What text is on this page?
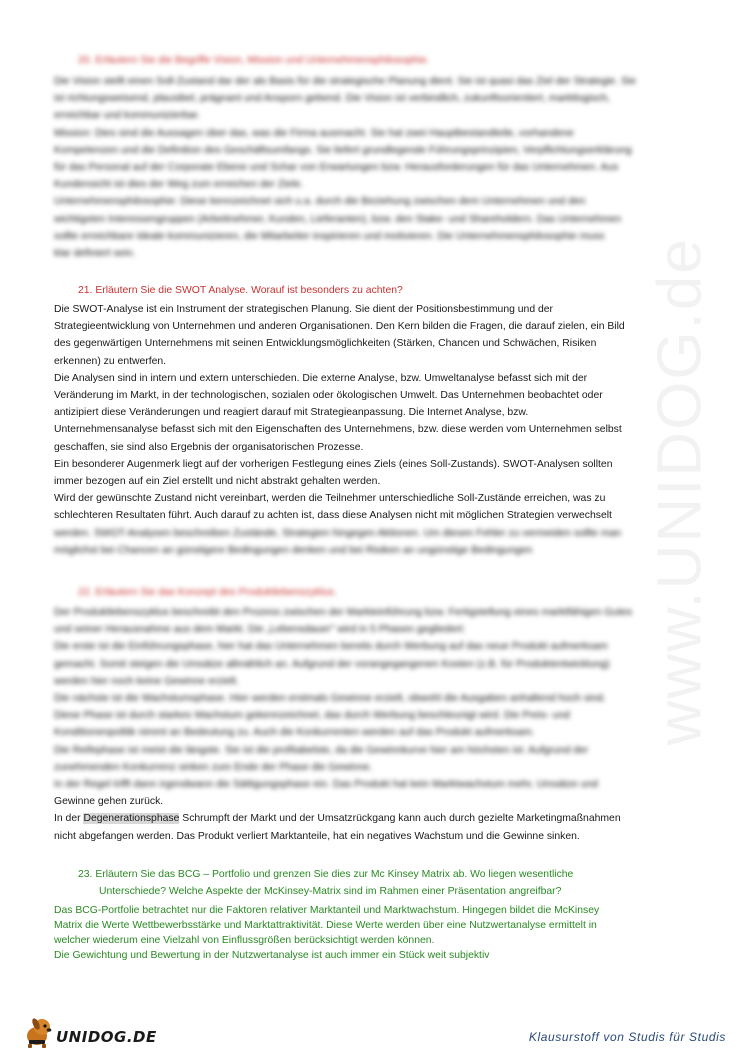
www.UNIDOG.de

20. Erläutern Sie die Begriffe Vision, Mission und Unternehmensphilosophie.

Die Vision stellt einen Soll-Zustand dar der als Basis für die strategische Planung dient. Sie ist quasi das Ziel der Strategie. Sie

ist richtungsweisend, plausibel, prägnant und Ansporn gebend. Die Vision ist verbindlich, zukunftsorientiert, marktlogisch,

erreichbar und kommunizierbar.

Mission: Dies sind die Aussagen über das, was die Firma ausmacht. Sie hat zwei Hauptbestandteile, vorhandene

Kompetenzen und die Definition des Geschäftsumfangs. Sie liefert grundlegende Führungsprinzipien, Verpflichtungserklärung

für das Personal auf der Corporate Ebene und Schar von Erwartungen bzw. Herausforderungen für das Unternehmen. Aus

Kundensicht ist dies der Weg zum erreichen der Ziele.

Unternehmensphilosophie: Diese kennzeichnet sich u.a. durch die Beziehung zwischen dem Unternehmen und den

wichtigsten Interessengruppen (Arbeitnehmer, Kunden, Lieferanten), bzw. den Stake- und Shareholdern. Das Unternehmen

sollte erreichbare Ideale kommunizieren, die Mitarbeiter inspirieren und motivieren. Die Unternehmensphilosophie muss

klar definiert sein.

21. Erläutern Sie die SWOT Analyse. Worauf ist besonders zu achten?

Die SWOT-Analyse ist ein Instrument der strategischen Planung. Sie dient der Positionsbestimmung und der

Strategieentwicklung von Unternehmen und anderen Organisationen. Den Kern bilden die Fragen, die darauf zielen, ein Bild

des gegenwärtigen Unternehmens mit seinen Entwicklungsmöglichkeiten (Stärken, Chancen und Schwächen, Risiken

erkennen) zu entwerfen.

Die Analysen sind in intern und extern unterschieden. Die externe Analyse, bzw. Umweltanalyse befasst sich mit der

Veränderung im Markt, in der technologischen, sozialen oder ökologischen Umwelt. Das Unternehmen beobachtet oder

antizipiert diese Veränderungen und reagiert darauf mit Strategieanpassung. Die Internet Analyse, bzw.

Unternehmensanalyse befasst sich mit den Eigenschaften des Unternehmens, bzw. diese werden vom Unternehmen selbst

geschaffen, sie sind also Ergebnis der organisatorischen Prozesse.

Ein besonderer Augenmerk liegt auf der vorherigen Festlegung eines Ziels (eines Soll-Zustands). SWOT-Analysen sollten

immer bezogen auf ein Ziel erstellt und nicht abstrakt gehalten werden.

Wird der gewünschte Zustand nicht vereinbart, werden die Teilnehmer unterschiedliche Soll-Zustände erreichen, was zu

schlechteren Resultaten führt. Auch darauf zu achten ist, dass diese Analysen nicht mit möglichen Strategien verwechselt

werden. SWOT-Analysen beschreiben Zustände, Strategien hingegen Aktionen. Um diesen Fehler zu vermeiden sollte man

möglichst bei Chancen an günstigere Bedingungen denken und bei Risiken an ungünstige Bedingungen

22. Erläutern Sie das Konzept des Produktlebenszyklus.

Der Produktlebenszyklus beschreibt den Prozess zwischen der Markteinführung bzw. Fertigstellung eines marktfähigen Gutes

und seiner Herausnahme aus dem Markt. Die „Lebensdauer" wird in 5 Phasen gegliedert:

Die erste ist die Einführungsphase, hier hat das Unternehmen bereits durch Werbung auf das neue Produkt aufmerksam

gemacht. Somit steigen die Umsätze allmählich an. Aufgrund der vorangegangenen Kosten (z.B. für Produktentwicklung)

werden hier noch keine Gewinne erzielt.

Die nächste ist die Wachstumsphase. Hier werden erstmals Gewinne erzielt, obwohl die Ausgaben anhaltend hoch sind.

Diese Phase ist durch starkes Wachstum gekennzeichnet, das durch Werbung beschleunigt wird. Die Preis- und

Konditionenpolitik nimmt an Bedeutung zu. Auch die Konkurrenten werden auf das Produkt aufmerksam.

Die Reifephase ist meist die längste. Sie ist die profitabelste, da die Gewinnkurve hier am höchsten ist. Aufgrund der

zunehmenden Konkurrenz sinken zum Ende der Phase die Gewinne.

In der Regel trifft dann irgendwann die Sättigungsphase ein. Das Produkt hat kein Marktwachstum mehr, Umsätze und

Gewinne gehen zurück.

In der Degenerationsphase Schrumpft der Markt und der Umsatzrückgang kann auch durch gezielte Marketingmaßnahmen

nicht abgefangen werden. Das Produkt verliert Marktanteile, hat ein negatives Wachstum und die Gewinne sinken.

23. Erläutern Sie das BCG – Portfolio und grenzen Sie dies zur Mc Kinsey Matrix ab. Wo liegen wesentliche

Unterschiede? Welche Aspekte der McKinsey-Matrix sind im Rahmen einer Präsentation angreifbar?

Das BCG-Portfolie betrachtet nur die Faktoren relativer Marktanteil und Marktwachstum. Hingegen bildet die McKinsey

Matrix die Werte Wettbewerbsstärke und Marktattraktivität. Diese Werte werden über eine Nutzwertanalyse ermittelt in

welcher wiederum eine Vielzahl von Einflussgrößen berücksichtigt werden können.

Die Gewichtung und Bewertung in der Nutzwertanalyse ist auch immer ein Stück weit subjektiv

UNIDOG.DE	Klausurstoff von Studis für Studis
